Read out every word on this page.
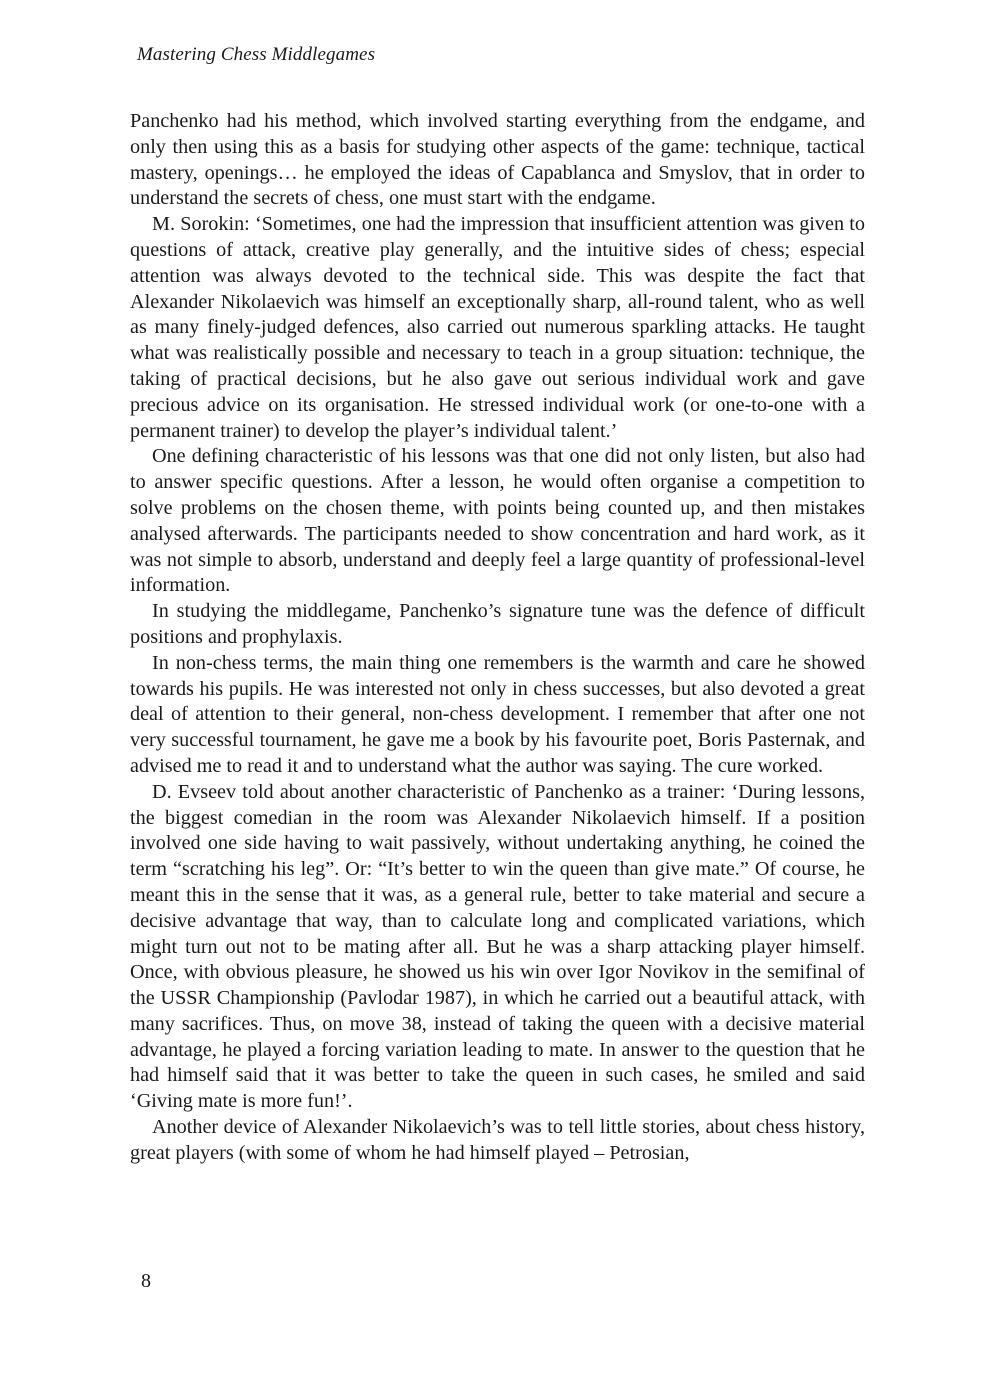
Mastering Chess Middlegames

Panchenko had his method, which involved starting everything from the endgame, and only then using this as a basis for studying other aspects of the game: technique, tactical mastery, openings… he employed the ideas of Capablanca and Smyslov, that in order to understand the secrets of chess, one must start with the endgame.

M. Sorokin: ‘Sometimes, one had the impression that insufficient attention was given to questions of attack, creative play generally, and the intuitive sides of chess; especial attention was always devoted to the technical side. This was despite the fact that Alexander Nikolaevich was himself an exceptionally sharp, all-round talent, who as well as many finely-judged defences, also carried out numerous sparkling attacks. He taught what was realistically possible and necessary to teach in a group situation: technique, the taking of practical decisions, but he also gave out serious individual work and gave precious advice on its organisation. He stressed individual work (or one-to-one with a permanent trainer) to develop the player’s individual talent.’

One defining characteristic of his lessons was that one did not only listen, but also had to answer specific questions. After a lesson, he would often organise a competition to solve problems on the chosen theme, with points being counted up, and then mistakes analysed afterwards. The participants needed to show concentration and hard work, as it was not simple to absorb, understand and deeply feel a large quantity of professional-level information.

In studying the middlegame, Panchenko’s signature tune was the defence of difficult positions and prophylaxis.

In non-chess terms, the main thing one remembers is the warmth and care he showed towards his pupils. He was interested not only in chess successes, but also devoted a great deal of attention to their general, non-chess development. I remember that after one not very successful tournament, he gave me a book by his favourite poet, Boris Pasternak, and advised me to read it and to understand what the author was saying. The cure worked.

D. Evseev told about another characteristic of Panchenko as a trainer: ‘During lessons, the biggest comedian in the room was Alexander Nikolaevich himself. If a position involved one side having to wait passively, without undertaking anything, he coined the term “scratching his leg”. Or: “It’s better to win the queen than give mate.” Of course, he meant this in the sense that it was, as a general rule, better to take material and secure a decisive advantage that way, than to calculate long and complicated variations, which might turn out not to be mating after all. But he was a sharp attacking player himself. Once, with obvious pleasure, he showed us his win over Igor Novikov in the semifinal of the USSR Championship (Pavlodar 1987), in which he carried out a beautiful attack, with many sacrifices. Thus, on move 38, instead of taking the queen with a decisive material advantage, he played a forcing variation leading to mate. In answer to the question that he had himself said that it was better to take the queen in such cases, he smiled and said ‘Giving mate is more fun!’.

Another device of Alexander Nikolaevich’s was to tell little stories, about chess history, great players (with some of whom he had himself played – Petrosian,

8
